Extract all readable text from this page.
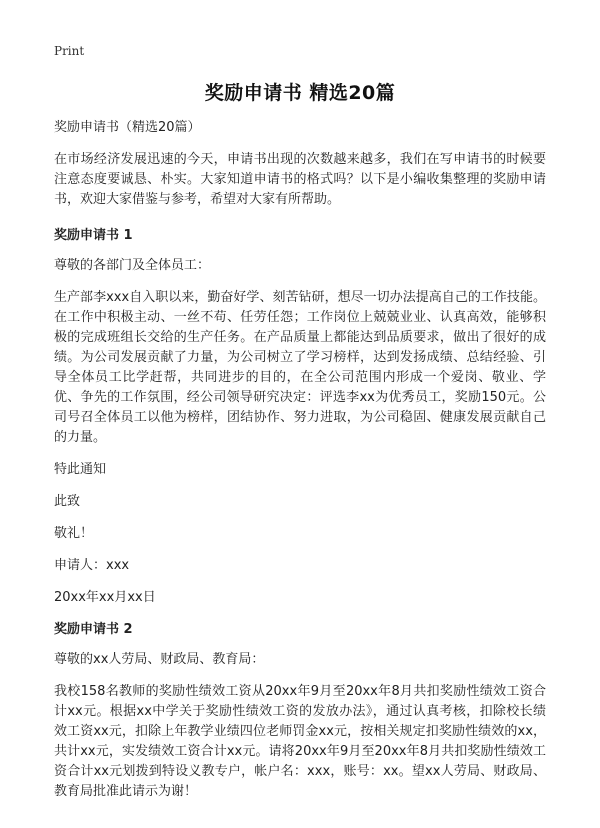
Print
奖励申请书 精选20篇

奖励申请书（精选20篇）

在市场经济发展迅速的今天，申请书出现的次数越来越多，我们在写申请书的时候要注意态度要诚恳、朴实。大家知道申请书的格式吗？以下是小编收集整理的奖励申请书，欢迎大家借鉴与参考，希望对大家有所帮助。

奖励申请书 1

尊敬的各部门及全体员工：

生产部李xxx自入职以来，勤奋好学、刻苦钻研，想尽一切办法提高自己的工作技能。在工作中积极主动、一丝不苟、任劳任怨；工作岗位上兢兢业业、认真高效，能够积极的完成班组长交给的生产任务。在产品质量上都能达到品质要求，做出了很好的成绩。为公司发展贡献了力量，为公司树立了学习榜样，达到发扬成绩、总结经验、引导全体员工比学赶帮，共同进步的目的，在全公司范围内形成一个爱岗、敬业、学优、争先的工作氛围，经公司领导研究决定：评选李xx为优秀员工，奖励150元。公司号召全体员工以他为榜样，团结协作、努力进取，为公司稳固、健康发展贡献自己的力量。

特此通知

此致

敬礼！

申请人：xxx

20xx年xx月xx日

奖励申请书 2

尊敬的xx人劳局、财政局、教育局：

我校158名教师的奖励性绩效工资从20xx年9月至20xx年8月共扣奖励性绩效工资合计xx元。根据xx中学关于奖励性绩效工资的发放办法》，通过认真考核，扣除校长绩效工资xx元，扣除上年教学业绩四位老师罚金xx元，按相关规定扣奖励性绩效的xx，共计xx元，实发绩效工资合计xx元。请将20xx年9月至20xx年8月共扣奖励性绩效工资合计xx元划拨到特设义教专户，帐户名：xxx，账号：xx。望xx人劳局、财政局、教育局批准此请示为谢！
